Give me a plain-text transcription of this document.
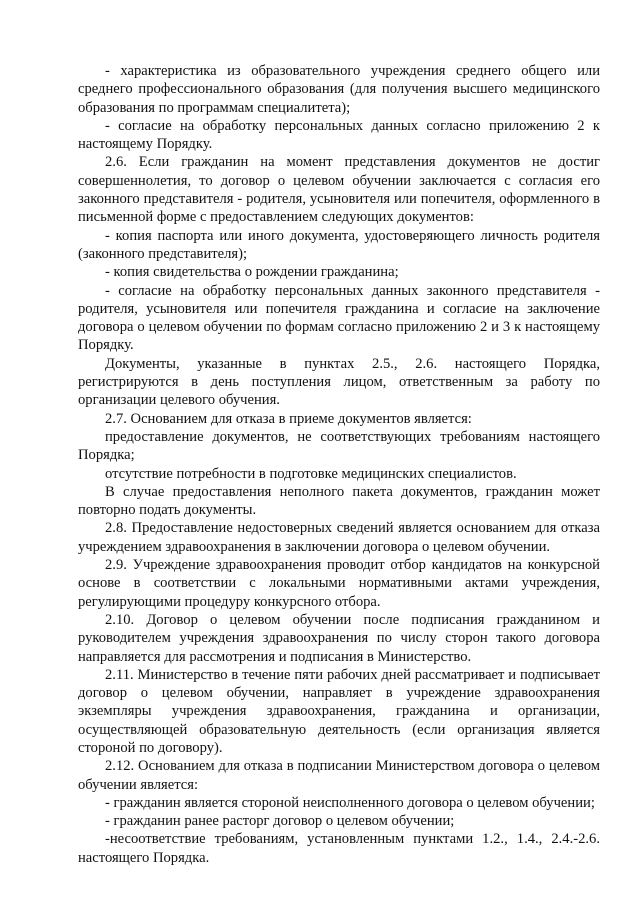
- характеристика из образовательного учреждения среднего общего или среднего профессионального образования (для получения высшего медицинского образования по программам специалитета);

- согласие на обработку персональных данных согласно приложению 2 к настоящему Порядку.

2.6. Если гражданин на момент представления документов не достиг совершеннолетия, то договор о целевом обучении заключается с согласия его законного представителя - родителя, усыновителя или попечителя, оформленного в письменной форме с предоставлением следующих документов:

- копия паспорта или иного документа, удостоверяющего личность родителя (законного представителя);

- копия свидетельства о рождении гражданина;

- согласие на обработку персональных данных законного представителя - родителя, усыновителя или попечителя гражданина и согласие на заключение договора о целевом обучении по формам согласно приложению 2 и 3 к настоящему Порядку.

Документы, указанные в пунктах 2.5., 2.6. настоящего Порядка, регистрируются в день поступления лицом, ответственным за работу по организации целевого обучения.

2.7. Основанием для отказа в приеме документов является:

предоставление документов, не соответствующих требованиям настоящего Порядка;

отсутствие потребности в подготовке медицинских специалистов.

В случае предоставления неполного пакета документов, гражданин может повторно подать документы.

2.8. Предоставление недостоверных сведений является основанием для отказа учреждением здравоохранения в заключении договора о целевом обучении.

2.9. Учреждение здравоохранения проводит отбор кандидатов на конкурсной основе в соответствии с локальными нормативными актами учреждения, регулирующими процедуру конкурсного отбора.

2.10. Договор о целевом обучении после подписания гражданином и руководителем учреждения здравоохранения по числу сторон такого договора направляется для рассмотрения и подписания в Министерство.

2.11. Министерство в течение пяти рабочих дней рассматривает и подписывает договор о целевом обучении, направляет в учреждение здравоохранения экземпляры учреждения здравоохранения, гражданина и организации, осуществляющей образовательную деятельность (если организация является стороной по договору).

2.12. Основанием для отказа в подписании Министерством договора о целевом обучении является:

- гражданин является стороной неисполненного договора о целевом обучении;

- гражданин ранее расторг договор о целевом обучении;

-несоответствие требованиям, установленным пунктами 1.2., 1.4., 2.4.-2.6. настоящего Порядка.
